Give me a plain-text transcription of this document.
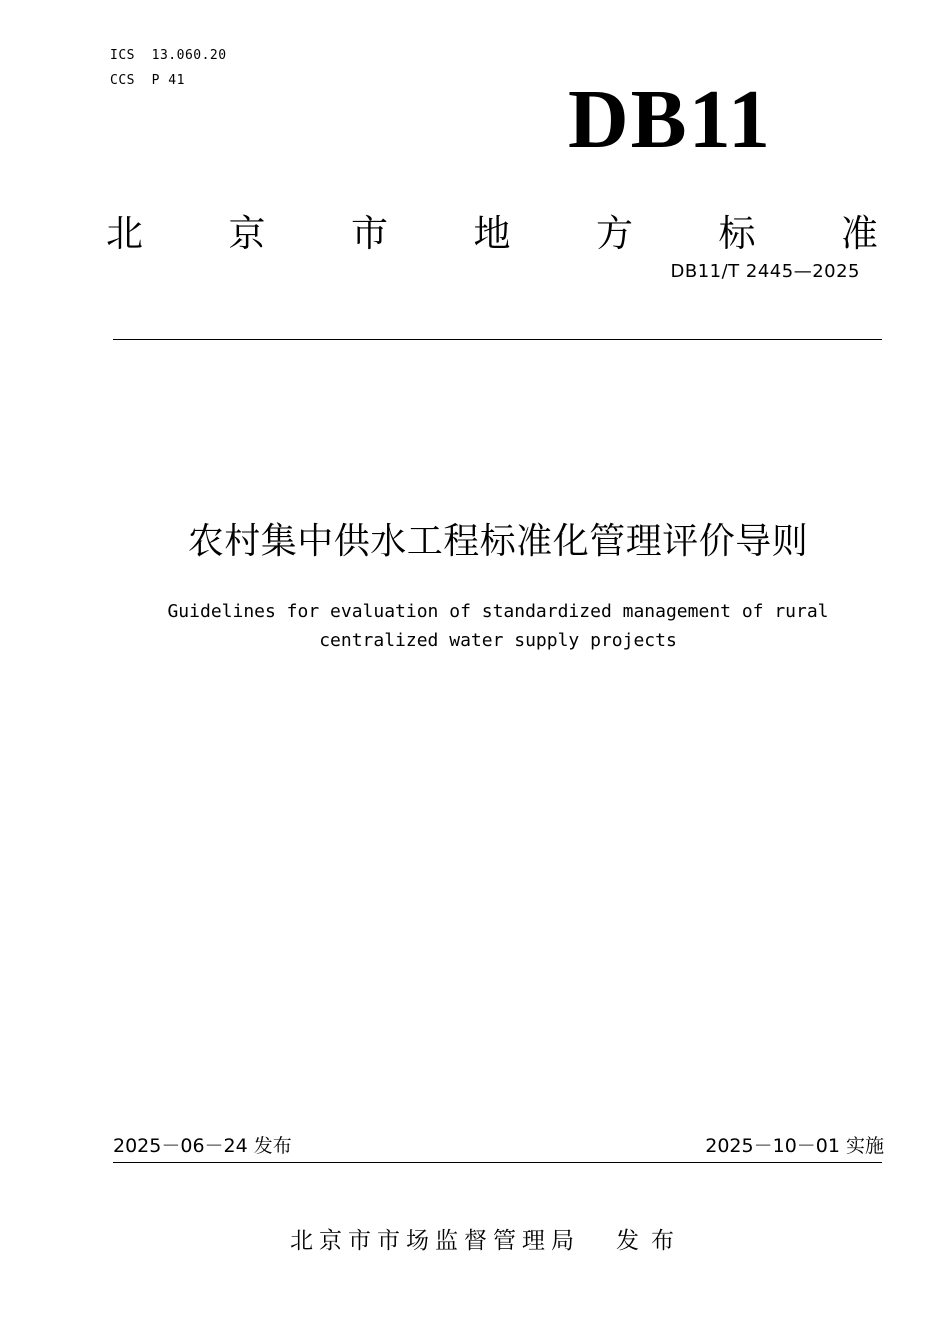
ICS  13.060.20
CCS  P 41	DB11
北 京 市 地 方 标 准
DB11/T 2445—2025
农村集中供水工程标准化管理评价导则
Guidelines for evaluation of standardized management of rural
centralized water supply projects
2025－06－24 发布	2025－10－01 实施
北京市市场监督管理局 发布
